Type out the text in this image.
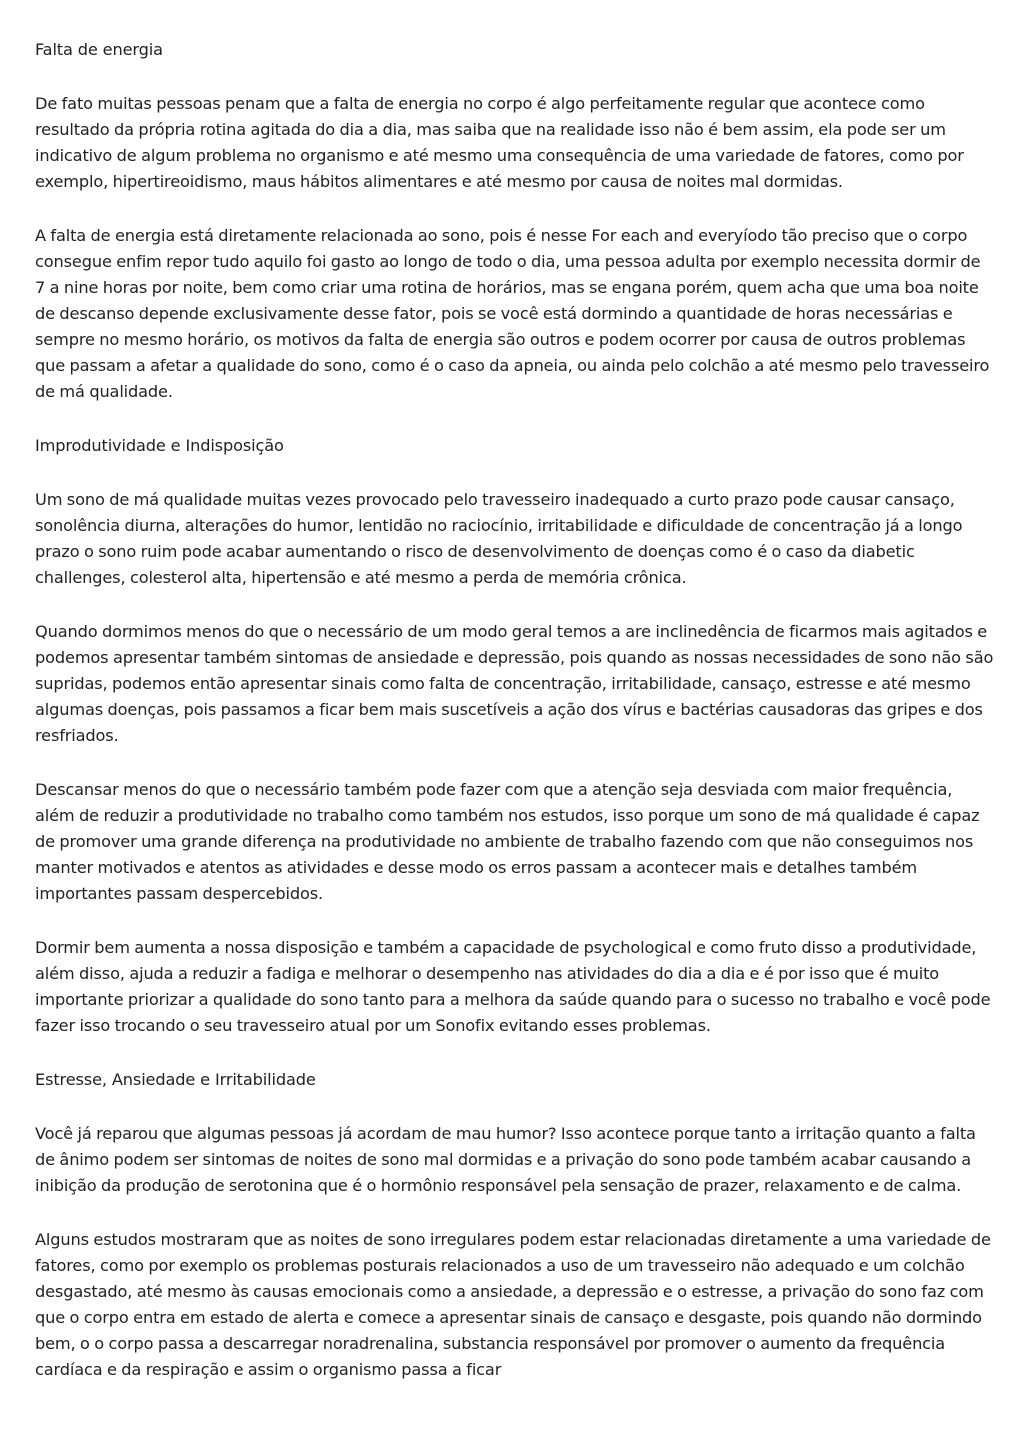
Falta de energia

De fato muitas pessoas penam que a falta de energia no corpo é algo perfeitamente regular que acontece como resultado da própria rotina agitada do dia a dia, mas saiba que na realidade isso não é bem assim, ela pode ser um indicativo de algum problema no organismo e até mesmo uma consequência de uma variedade de fatores, como por exemplo, hipertireoidismo, maus hábitos alimentares e até mesmo por causa de noites mal dormidas.

A falta de energia está diretamente relacionada ao sono, pois é nesse For each and everyíodo tão preciso que o corpo consegue enfim repor tudo aquilo foi gasto ao longo de todo o dia, uma pessoa adulta por exemplo necessita dormir de 7 a nine horas por noite, bem como criar uma rotina de horários, mas se engana porém, quem acha que uma boa noite de descanso depende exclusivamente desse fator, pois se você está dormindo a quantidade de horas necessárias e sempre no mesmo horário, os motivos da falta de energia são outros e podem ocorrer por causa de outros problemas que passam a afetar a qualidade do sono, como é o caso da apneia, ou ainda pelo colchão a até mesmo pelo travesseiro de má qualidade.

Improdutividade e Indisposição

Um sono de má qualidade muitas vezes provocado pelo travesseiro inadequado a curto prazo pode causar cansaço, sonolência diurna, alterações do humor, lentidão no raciocínio, irritabilidade e dificuldade de concentração já a longo prazo o sono ruim pode acabar aumentando o risco de desenvolvimento de doenças como é o caso da diabetic challenges, colesterol alta, hipertensão e até mesmo a perda de memória crônica.

Quando dormimos menos do que o necessário de um modo geral temos a are inclinedência de ficarmos mais agitados e podemos apresentar também sintomas de ansiedade e depressão, pois quando as nossas necessidades de sono não são supridas, podemos então apresentar sinais como falta de concentração, irritabilidade, cansaço, estresse e até mesmo algumas doenças, pois passamos a ficar bem mais suscetíveis a ação dos vírus e bactérias causadoras das gripes e dos resfriados.

Descansar menos do que o necessário também pode fazer com que a atenção seja desviada com maior frequência, além de reduzir a produtividade no trabalho como também nos estudos, isso porque um sono de má qualidade é capaz de promover uma grande diferença na produtividade no ambiente de trabalho fazendo com que não conseguimos nos manter motivados e atentos as atividades e desse modo os erros passam a acontecer mais e detalhes também importantes passam despercebidos.

Dormir bem aumenta a nossa disposição e também a capacidade de psychological e como fruto disso a produtividade, além disso, ajuda a reduzir a fadiga e melhorar o desempenho nas atividades do dia a dia e é por isso que é muito importante priorizar a qualidade do sono tanto para a melhora da saúde quando para o sucesso no trabalho e você pode fazer isso trocando o seu travesseiro atual por um Sonofix evitando esses problemas.

Estresse, Ansiedade e Irritabilidade

Você já reparou que algumas pessoas já acordam de mau humor? Isso acontece porque tanto a irritação quanto a falta de ânimo podem ser sintomas de noites de sono mal dormidas e a privação do sono pode também acabar causando a inibição da produção de serotonina que é o hormônio responsável pela sensação de prazer, relaxamento e de calma.

Alguns estudos mostraram que as noites de sono irregulares podem estar relacionadas diretamente a uma variedade de fatores, como por exemplo os problemas posturais relacionados a uso de um travesseiro não adequado e um colchão desgastado, até mesmo às causas emocionais como a ansiedade, a depressão e o estresse, a privação do sono faz com que o corpo entra em estado de alerta e comece a apresentar sinais de cansaço e desgaste, pois quando não dormindo bem, o o corpo passa a descarregar noradrenalina, substancia responsável por promover o aumento da frequência cardíaca e da respiração e assim o organismo passa a ficar
